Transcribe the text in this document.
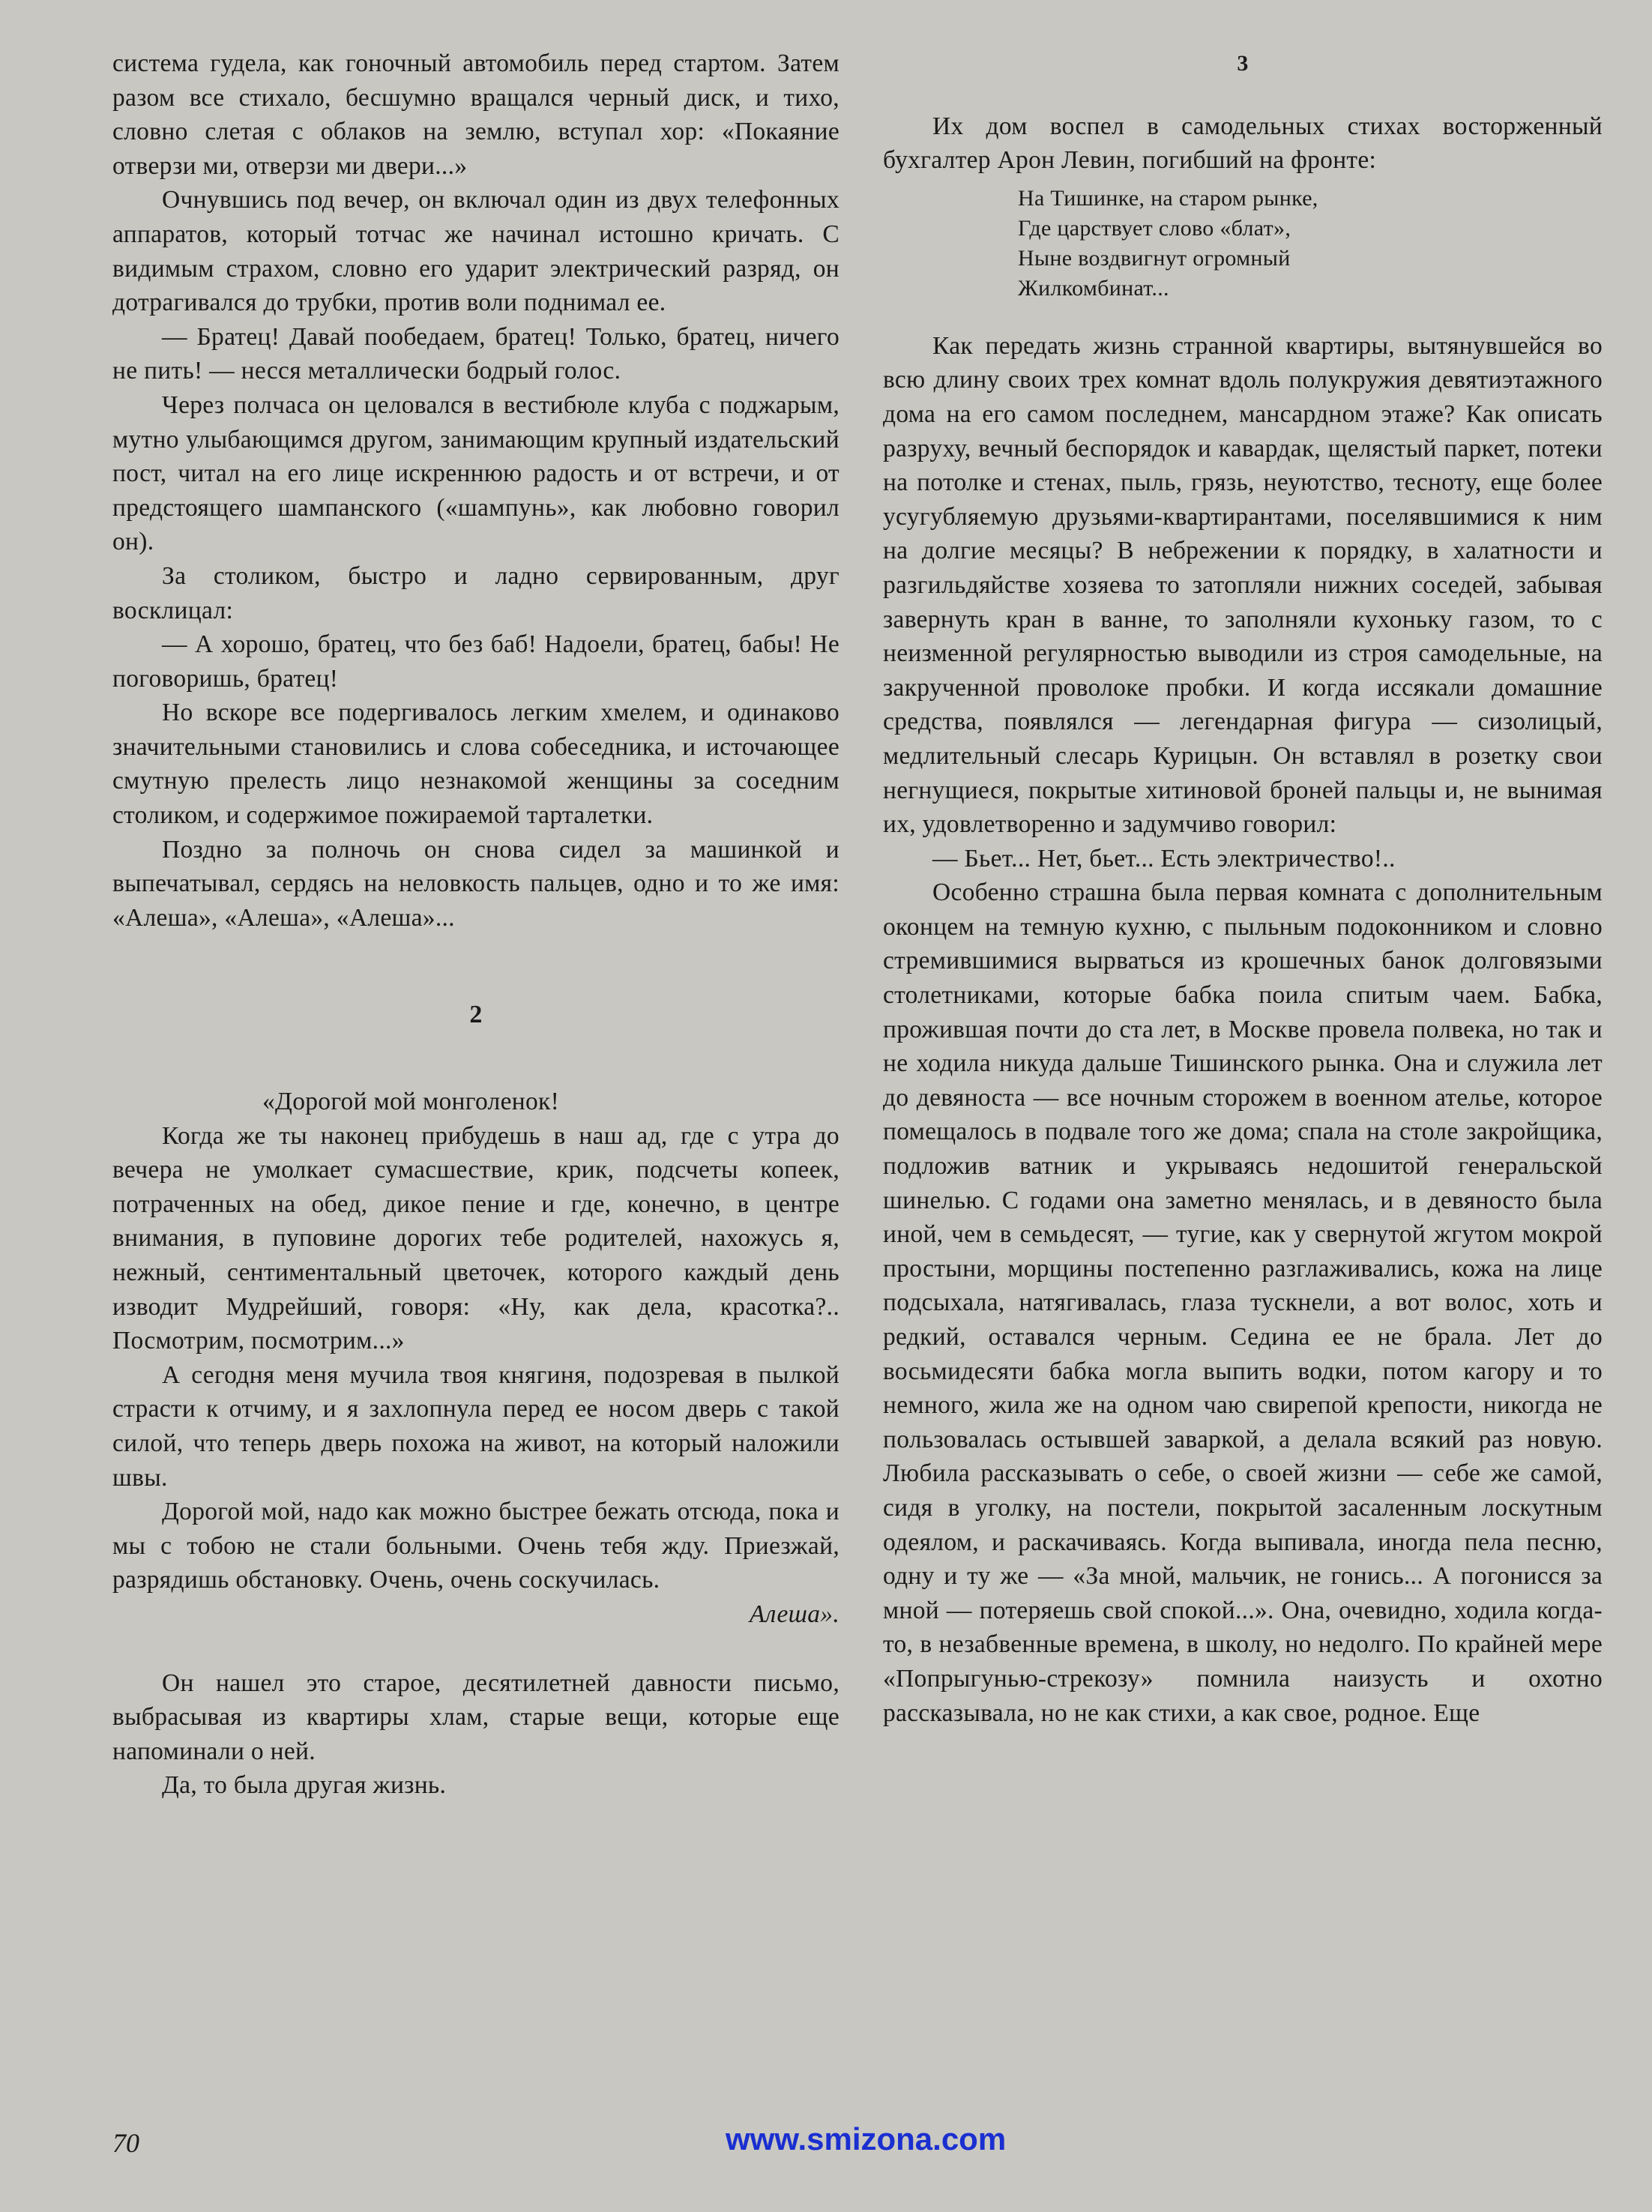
система гудела, как гоночный автомобиль перед стартом. Затем разом все стихало, бесшумно вращался черный диск, и тихо, словно слетая с облаков на землю, вступал хор: «Покаяние отверзи ми, отверзи ми двери...»

Очнувшись под вечер, он включал один из двух телефонных аппаратов, который тотчас же начинал истошно кричать. С видимым страхом, словно его ударит электрический разряд, он дотрагивался до трубки, против воли поднимал ее.

— Братец! Давай пообедаем, братец! Только, братец, ничего не пить! — несся металлически бодрый голос.

Через полчаса он целовался в вестибюле клуба с поджарым, мутно улыбающимся другом, занимающим крупный издательский пост, читал на его лице искреннюю радость и от встречи, и от предстоящего шампанского («шампунь», как любовно говорил он).

За столиком, быстро и ладно сервированным, друг восклицал:

— А хорошо, братец, что без баб! Надоели, братец, бабы! Не поговоришь, братец!

Но вскоре все подергивалось легким хмелем, и одинаково значительными становились и слова собеседника, и источающее смутную прелесть лицо незнакомой женщины за соседним столиком, и содержимое пожираемой тарталетки.

Поздно за полночь он снова сидел за машинкой и выпечатывал, сердясь на неловкость пальцев, одно и то же имя: «Алеша», «Алеша», «Алеша»...

2

«Дорогой мой монголенок!

Когда же ты наконец прибудешь в наш ад, где с утра до вечера не умолкает сумасшествие, крик, подсчеты копеек, потраченных на обед, дикое пение и где, конечно, в центре внимания, в пуповине дорогих тебе родителей, нахожусь я, нежный, сентиментальный цветочек, которого каждый день изводит Мудрейший, говоря: «Ну, как дела, красотка?.. Посмотрим, посмотрим...»

А сегодня меня мучила твоя княгиня, подозревая в пылкой страсти к отчиму, и я захлопнула перед ее носом дверь с такой силой, что теперь дверь похожа на живот, на который наложили швы.

Дорогой мой, надо как можно быстрее бежать отсюда, пока и мы с тобою не стали больными. Очень тебя жду. Приезжай, разрядишь обстановку. Очень, очень соскучилась.

Алеша».

Он нашел это старое, десятилетней давности письмо, выбрасывая из квартиры хлам, старые вещи, которые еще напоминали о ней.

Да, то была другая жизнь.

3

Их дом воспел в самодельных стихах восторженный бухгалтер Арон Левин, погибший на фронте:

На Тишинке, на старом рынке,
Где царствует слово «блат»,
Ныне воздвигнут огромный
Жилкомбинат...

Как передать жизнь странной квартиры, вытянувшейся во всю длину своих трех комнат вдоль полукружия девятиэтажного дома на его самом последнем, мансардном этаже? Как описать разруху, вечный беспорядок и кавардак, щелястый паркет, потеки на потолке и стенах, пыль, грязь, неуютство, тесноту, еще более усугубляемую друзьями-квартирантами, поселявшимися к ним на долгие месяцы? В небрежении к порядку, в халатности и разгильдяйстве хозяева то затопляли нижних соседей, забывая завернуть кран в ванне, то заполняли кухоньку газом, то с неизменной регулярностью выводили из строя самодельные, на закрученной проволоке пробки. И когда иссякали домашние средства, появлялся — легендарная фигура — сизолицый, медлительный слесарь Курицын. Он вставлял в розетку свои негнущиеся, покрытые хитиновой броней пальцы и, не вынимая их, удовлетворенно и задумчиво говорил:

— Бьет... Нет, бьет... Есть электричество!..

Особенно страшна была первая комната с дополнительным оконцем на темную кухню, с пыльным подоконником и словно стремившимися вырваться из крошечных банок долговязыми столетниками, которые бабка поила спитым чаем. Бабка, прожившая почти до ста лет, в Москве провела полвека, но так и не ходила никуда дальше Тишинского рынка. Она и служила лет до девяноста — все ночным сторожем в военном ателье, которое помещалось в подвале того же дома; спала на столе закройщика, подложив ватник и укрываясь недошитой генеральской шинелью. С годами она заметно менялась, и в девяносто была иной, чем в семьдесят, — тугие, как у свернутой жгутом мокрой простыни, морщины постепенно разглаживались, кожа на лице подсыхала, натягивалась, глаза тускнели, а вот волос, хоть и редкий, оставался черным. Седина ее не брала. Лет до восьмидесяти бабка могла выпить водки, потом кагору и то немного, жила же на одном чаю свирепой крепости, никогда не пользовалась остывшей заваркой, а делала всякий раз новую. Любила рассказывать о себе, о своей жизни — себе же самой, сидя в уголку, на постели, покрытой засаленным лоскутным одеялом, и раскачиваясь. Когда выпивала, иногда пела песню, одну и ту же — «За мной, мальчик, не гонись... А погонисся за мной — потеряешь свой спокой...». Она, очевидно, ходила когда-то, в незабвенные времена, в школу, но недолго. По крайней мере «Попрыгунью-стрекозу» помнила наизусть и охотно рассказывала, но не как стихи, а как свое, родное. Еще

70	www.smizona.com
